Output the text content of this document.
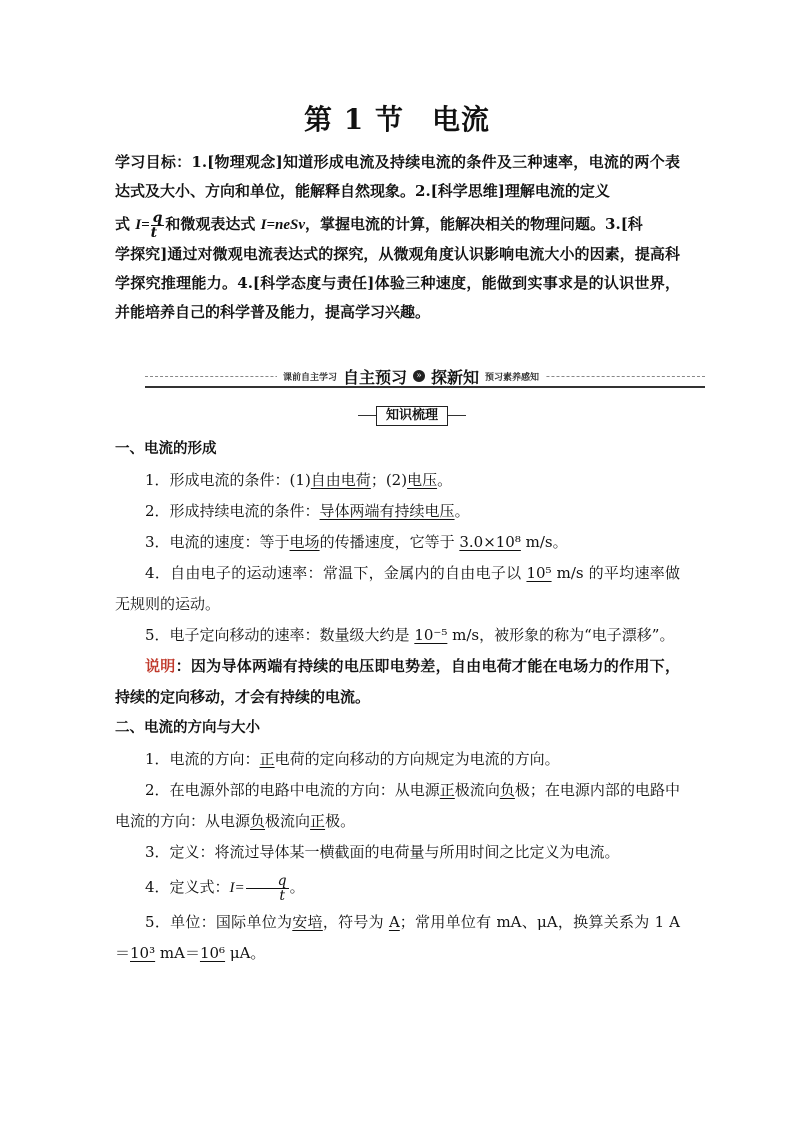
第 1 节 电流

学习目标：1.[物理观念]知道形成电流及持续电流的条件及三种速率，电流的两个表达式及大小、方向和单位，能解释自然现象。2.[科学思维]理解电流的定义

式 $I= \frac{q}{t}$ 和微观表达式 I=neSv，掌握电流的计算，能解决相关的物理问题。3.[科

学探究]通过对微观电流表达式的探究，从微观角度认识影响电流大小的因素，提高科学探究推理能力。4.[科学态度与责任]体验三种速度，能做到实事求是的认识世界，并能培养自己的科学普及能力，提高学习兴趣。

课前自主学习 自主预习	» 探新知 预习素养感知
知识梳理

一、电流的形成

1．形成电流的条件：(1)自由电荷；(2)电压。

2．形成持续电流的条件：导体两端有持续电压。

3．电流的速度：等于电场的传播速度，它等于 3.0×10⁸ m/s。

4．自由电子的运动速率：常温下，金属内的自由电子以 10⁵ m/s 的平均速率做无规则的运动。

5．电子定向移动的速率：数量级大约是 10⁻⁵ m/s，被形象的称为“电子漂移”。

说明：因为导体两端有持续的电压即电势差，自由电荷才能在电场力的作用下，持续的定向移动，才会有持续的电流。

二、电流的方向与大小

1．电流的方向：正电荷的定向移动的方向规定为电流的方向。

2．在电源外部的电路中电流的方向：从电源正极流向负极；在电源内部的电路中电流的方向：从电源负极流向正极。

3．定义：将流过导体某一横截面的电荷量与所用时间之比定义为电流。

4．定义式：$I= \frac{q}{t}$ 。

5．单位：国际单位为安培，符号为 A；常用单位有 mA、μA，换算关系为 1 A＝10³ mA＝10⁶ μA。
